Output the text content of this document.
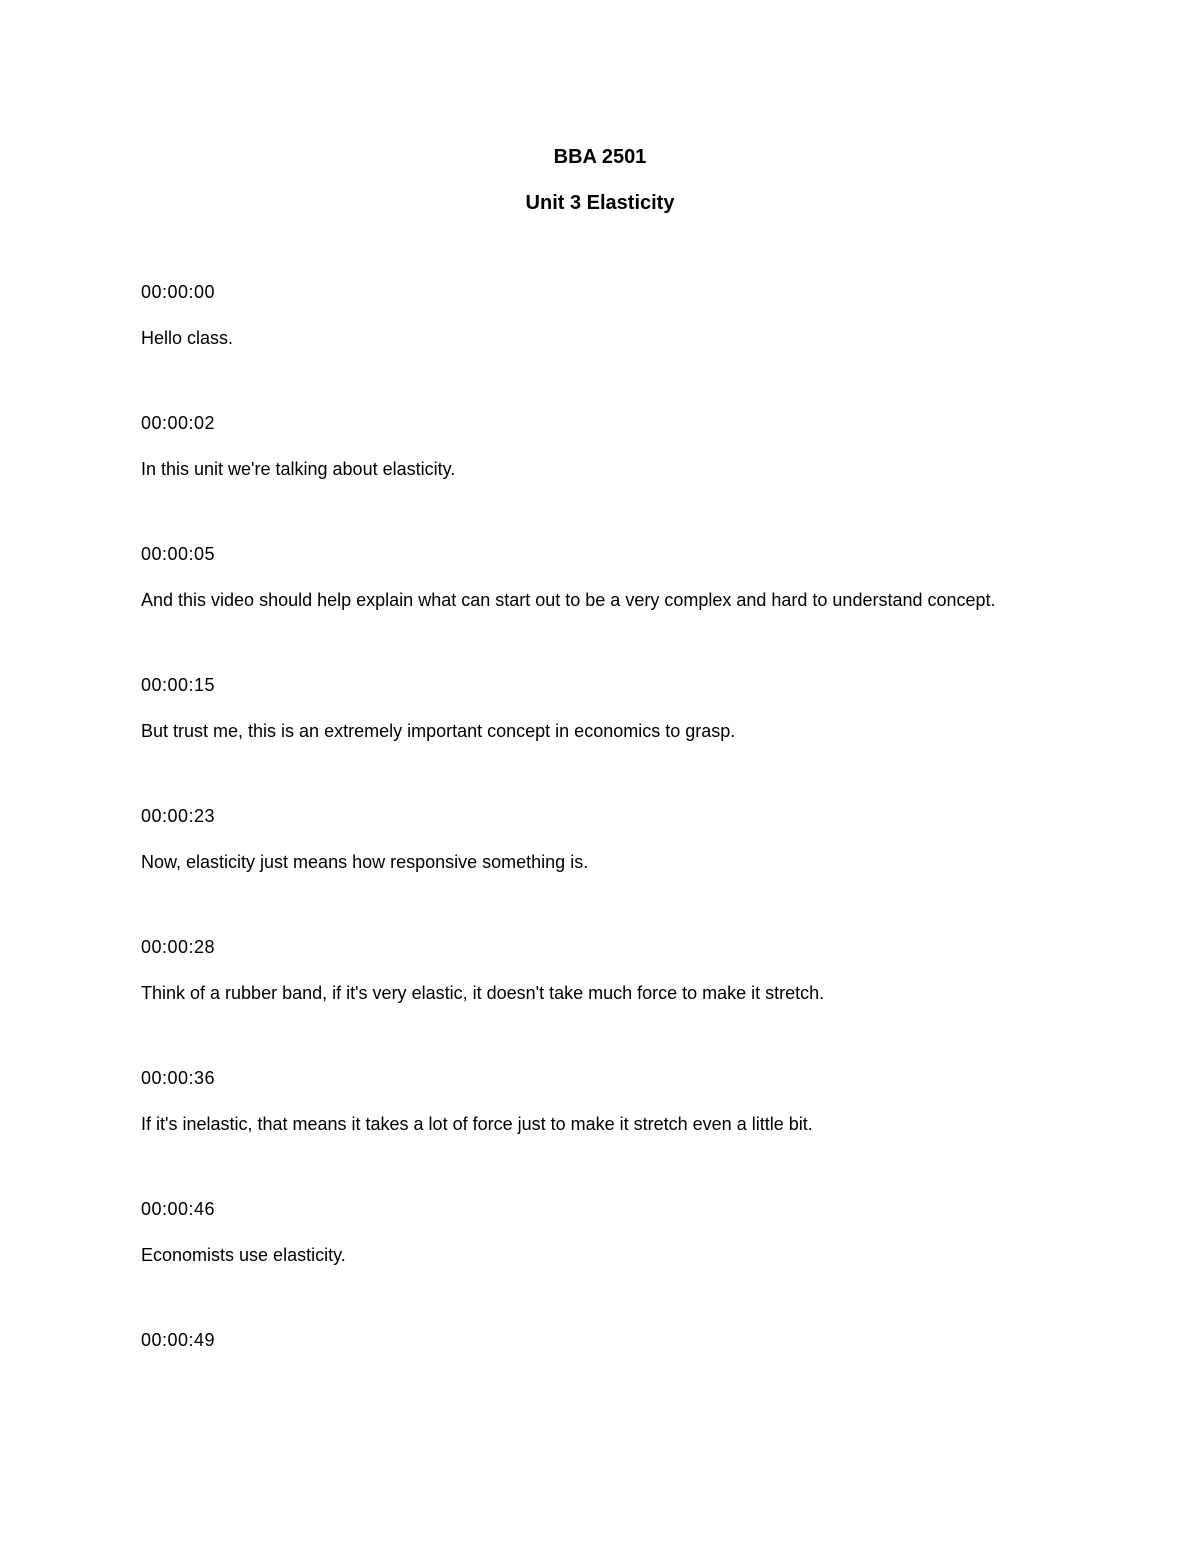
BBA 2501
Unit 3 Elasticity

00:00:00

Hello class.

00:00:02

In this unit we're talking about elasticity.

00:00:05

And this video should help explain what can start out to be a very complex and hard to understand concept.

00:00:15

But trust me, this is an extremely important concept in economics to grasp.

00:00:23

Now, elasticity just means how responsive something is.

00:00:28

Think of a rubber band, if it's very elastic, it doesn't take much force to make it stretch.

00:00:36

If it's inelastic, that means it takes a lot of force just to make it stretch even a little bit.

00:00:46

Economists use elasticity.

00:00:49
